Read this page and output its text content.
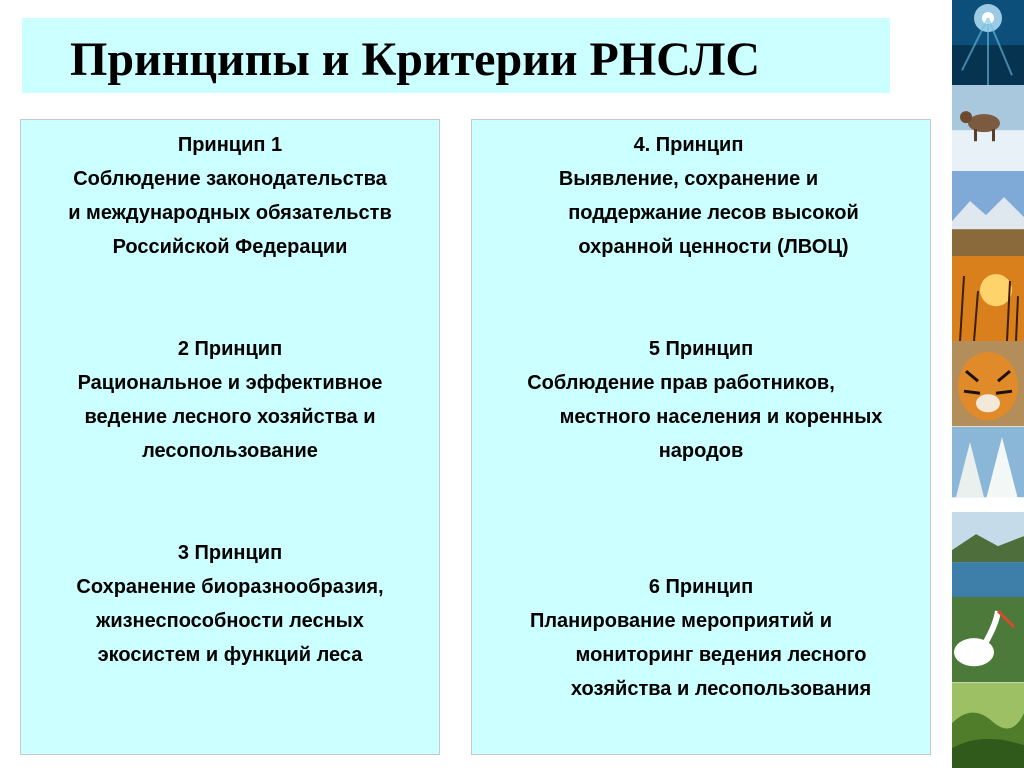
Принципы и Критерии РНСЛС
Принцип 1
Соблюдение законодательства
и международных обязательств
Российской Федерации
2 Принцип
Рациональное и эффективное
ведение лесного хозяйства и
лесопользование
3 Принцип
Сохранение биоразнообразия,
жизнеспособности лесных
экосистем и функций леса
4. Принцип
Выявление, сохранение и
поддержание лесов высокой
охранной ценности (ЛВОЦ)
5 Принцип
Соблюдение прав работников,
местного населения и коренных
народов
6 Принцип
Планирование мероприятий и
мониторинг ведения лесного
хозяйства и лесопользования
